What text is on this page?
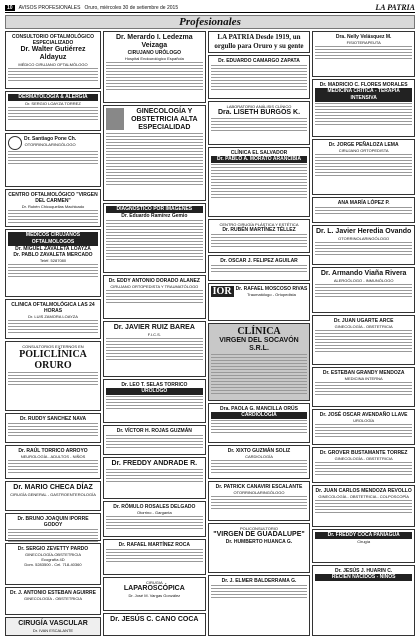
10	AVISOS PROFESIONALES Oruro, miércoles 30 de setiembre de 2015	LA PATRIA
Profesionales
CONSULTORIO OFTALMOLÓGICO ESPECIALIZADO
Dr. Walter Gutiérrez Aldayuz

MÉDICO CIRUJANO OFTALMÓLOGO

DERMATOLOGÍA & ALERGIA

Dr. SERGIO LOAYZA TORREZ

Dr. Santiago Pone Ch.

OTORRINOLARINGÓLOGO

CENTRO OFTALMOLÓGICO "VIRGEN DEL CARMEN"

Dr. Rubén Chicuquellas Machicado

MEDICOS CIRUJANOS OFTALMOLOGOS
Dr. MIGUEL ZAVALETA LOAYZA
Dr. PABLO ZAVALETA MERCADO

Teléf. 5287080

CLINICA OFTALMOLÓGICA LAS 24 HORAS

Dr. LUIS ZAMORA LOAYZA

CONSULTORIOS EXTERNOS EN

POLICLÍNICA
ORURO
Dr. RUDDY SANCHEZ NAVA
Dr. RAÚL TORRICO ARROYO

NEUROLOGÍA - ADULTOS - NIÑOS

Dr. MARIO CHECA DÍAZ

CIRUGÍA GENERAL - GASTROENTEROLOGÍA

Dr. BRUNO JOAQUIN IPORRE GODOY
Dr. SERGIO ZEVETTY PARDO

GINECOLOGÍA-OBSTETRICIA

Ecografía 4D

Dom. 5283500 - Cel. 718-40360

Dr. J. ANTONIO ESTEBAN AGUIRRE

GINECOLOGÍA - OBSTETRICIA

CIRUGÍA VASCULAR

Dr. IVAN ESCALANTE

Dr. Merardo I. Ledezma Veizaga
CIRUJANO URÓLOGO

Hospital Endourológico Española

GINECOLOGÍA Y OBSTETRICIA ALTA ESPECIALIDAD
DIAGNÓSTICO POR IMÁGENES
Dr. Eduardo Ramírez Gemio
Dr. EDDY ANTONIO DORADO ALANEZ

CIRUJANO ORTOPEDISTA Y TRAUMATÓLOGO

Dr. JAVIER RUIZ BAREA

F.I.C.S.

Dr. LEO T. SELAS TORRICO
URÓLOGO
Dr. VÍCTOR H. ROJAS GUZMÁN
Dr. FREDDY ANDRADE R.
Dr. RÓMULO ROSALES DELGADO

Otorrino - Garganta

Dr. RAFAEL MARTÍNEZ ROCA

CIRUGIA

LAPAROSCÓPICA

Dr. José M. Vargas González

Dr. JESÚS C. CANO COCA
LA PATRIA Desde 1919, un orgullo para Oruro y su gente
Dr. EDUARDO CAMARGO ZAPATA

LABORATORIO ANÁLISIS CLÍNICO

Dra. LISETH BURGOS K.
CLÍNICA EL SALVADOR
Dr. PABLO A. MORATÓ ARANCIBIA

CENTRO CIRUGÍA PLÁSTICA Y ESTÉTICA

Dr. RUBÉN MARTÍNEZ TÉLLEZ
Dr. OSCAR J. FELIPEZ AGUILAR
IOR Dr. RAFAEL MOSCOSO RIVAS

Traumatólogo - Ortopedista

CLÍNICA
VIRGEN DEL SOCAVÓN S.R.L.
Dra. PAOLA G. MANCILLA ORÚS
CARDIOLOGÍA
Dr. XIXTO GUZMÁN SOLIZ

CARDIOLOGÍA

Dr. PATRICK CANAVIRI ESCALANTE

OTORRINOLARINGÓLOGO

POLICONSULTORIO

"VIRGEN DE GUADALUPE"
Dr. HUMBERTO HUANCA G.
Dr. J. ELMER BALDERRAMA G.
Dra. Nelly Velásquez M.

FISIOTERAPEUTA

Dr. MADRICIO C. FLORES MORALES
MEDICINA CRÍTICA - TERAPIA INTENSIVA
Dr. JORGE PEÑALOZA LEMA

CIRUJANO ORTOPEDISTA

ANA MARÍA LÓPEZ P.
Dr. L. Javier Heredia Ovando

OTORRINOLARINGÓLOGO

Dr. Armando Viaña Rivera

ALERGÓLOGO - INMUNÓLOGO

Dr. JUAN UGARTE ARCE

GINECOLOGÍA - OBSTETRICIA

Dr. ESTEBAN GRANDY MENDOZA

MEDICINA INTERNA

Dr. JOSÉ OSCAR AVENDAÑO LLAVE

UROLOGÍA

Dr. GROVER BUSTAMANTE TORREZ

GINECOLOGÍA - OBSTETRICIA

Dr. JUAN CARLOS MENDOZA REVOLLO

GINECOLOGÍA - OBSTETRICIA - COLPOSCOPÍA

Dr. FREDDY COCA PANIAGUA

Cirugía

Dr. JESÚS J. HUARIN C.
RECIEN NACIDOS - NIÑOS
